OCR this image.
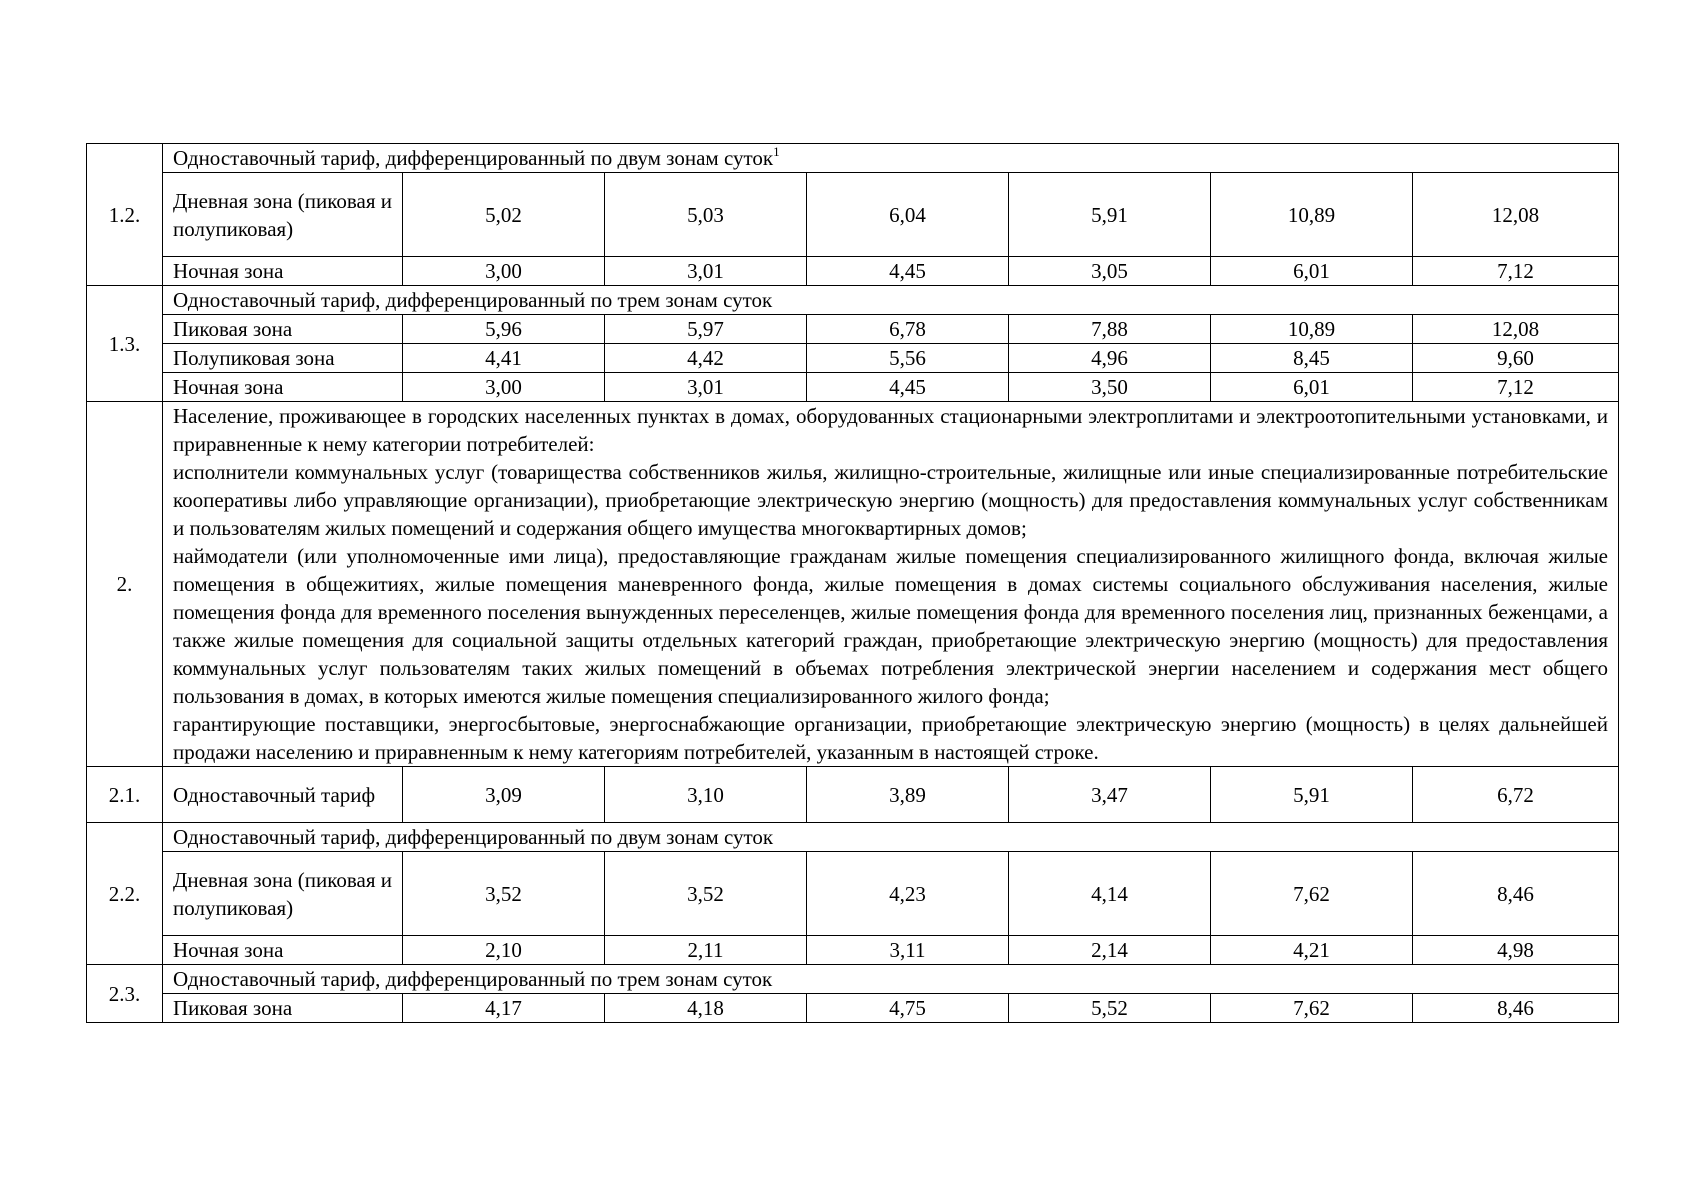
1.2.	Одноставочный тариф, дифференцированный по двум зонам суток$^1$
	Дневная зона (пиковая и полупиковая)	5,02	5,03	6,04	5,91	10,89	12,08
	Ночная зона	3,00	3,01	4,45	3,05	6,01	7,12
1.3.	Одноставочный тариф, дифференцированный по трем зонам суток						
	Пиковая зона	5,96	5,97	6,78	7,88	10,89	12,08
	Полупиковая зона	4,41	4,42	5,56	4,96	8,45	9,60
	Ночная зона	3,00	3,01	4,45	3,50	6,01	7,12
2.	Население, проживающее в городских населенных пунктах в домах, оборудованных стационарными электроплитами и электроотопительными установками, и приравненные к нему категории потребителей:

исполнители коммунальных услуг (товарищества собственников жилья, жилищно-строительные, жилищные или иные специализированные потребительские кооперативы либо управляющие организации), приобретающие электрическую энергию (мощность) для предоставления коммунальных услуг собственникам и пользователям жилых помещений и содержания общего имущества многоквартирных домов;

наймодатели (или уполномоченные ими лица), предоставляющие гражданам жилые помещения специализированного жилищного фонда, включая жилые помещения в общежитиях, жилые помещения маневренного фонда, жилые помещения в домах системы социального обслуживания населения, жилые помещения фонда для временного поселения вынужденных переселенцев, жилые помещения фонда для временного поселения лиц, признанных беженцами, а также жилые помещения для социальной защиты отдельных категорий граждан, приобретающие электрическую энергию (мощность) для предоставления коммунальных услуг пользователям таких жилых помещений в объемах потребления электрической энергии населением и содержания мест общего пользования в домах, в которых имеются жилые помещения специализированного жилого фонда;

гарантирующие поставщики, энергосбытовые, энергоснабжающие организации, приобретающие электрическую энергию (мощность) в целях дальнейшей продажи населению и приравненным к нему категориям потребителей, указанным в настоящей строке.						

2.1.	Одноставочный тариф	3,09	3,10	3,89	3,47	5,91	6,72
2.2.	Одноставочный тариф, дифференцированный по двум зонам суток						
	Дневная зона (пиковая и полупиковая)	3,52	3,52	4,23	4,14	7,62	8,46
	Ночная зона	2,10	2,11	3,11	2,14	4,21	4,98
2.3.	Одноставочный тариф, дифференцированный по трем зонам суток						
	Пиковая зона	4,17	4,18	4,75	5,52	7,62	8,46
